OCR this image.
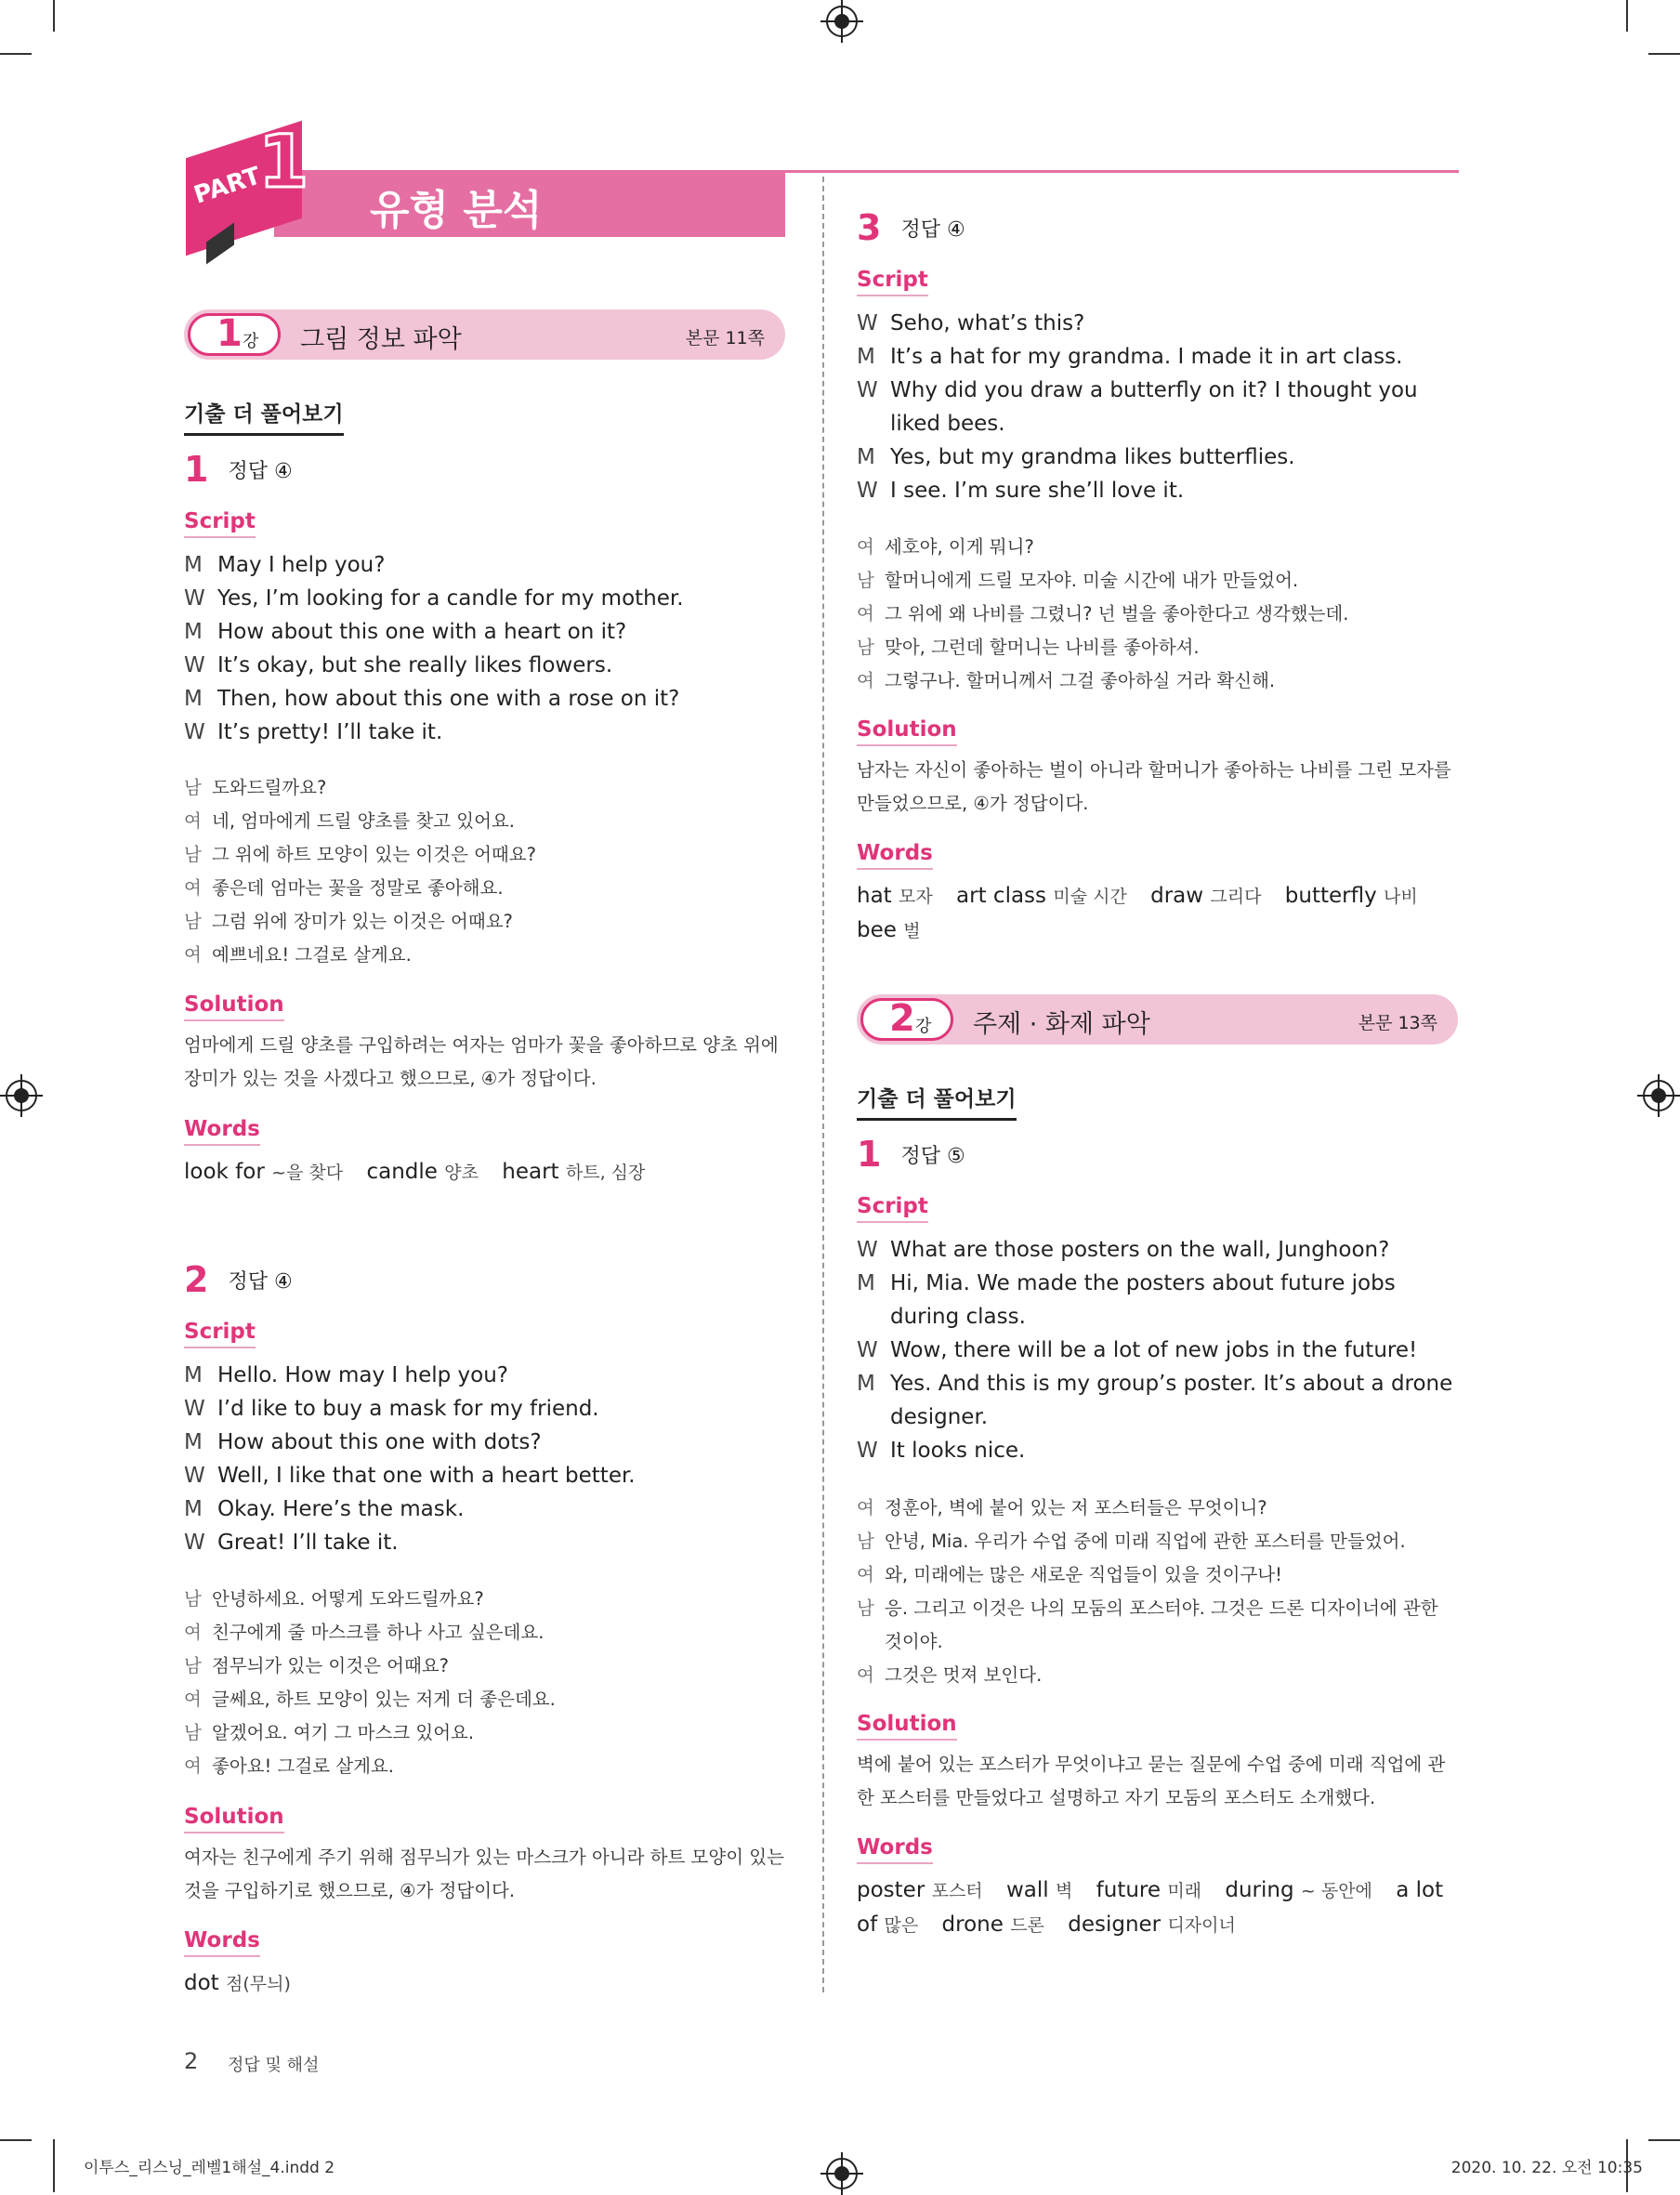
유형 분석
PART
1
1 강 그림 정보 파악	본문 11쪽
기출 더 풀어보기
1 정답 ④
Script
M May I help you?
W Yes, I’m looking for a candle for my mother.
M How about this one with a heart on it?
W It’s okay, but she really likes flowers.
M Then, how about this one with a rose on it?
W It’s pretty! I’ll take it.
남 도와드릴까요?
여 네, 엄마에게 드릴 양초를 찾고 있어요.
남 그 위에 하트 모양이 있는 이것은 어때요?
여 좋은데 엄마는 꽃을 정말로 좋아해요.
남 그럼 위에 장미가 있는 이것은 어때요?
여 예쁘네요! 그걸로 살게요.
Solution
엄마에게 드릴 양초를 구입하려는 여자는 엄마가 꽃을 좋아하므로 양초 위에 장미가 있는 것을 사겠다고 했으므로, ④가 정답이다.
Words
look for ~을 찾다 candle 양초 heart 하트, 심장
2 정답 ④
Script
M Hello. How may I help you?
W I’d like to buy a mask for my friend.
M How about this one with dots?
W Well, I like that one with a heart better.
M Okay. Here’s the mask.
W Great! I’ll take it.
남 안녕하세요. 어떻게 도와드릴까요?
여 친구에게 줄 마스크를 하나 사고 싶은데요.
남 점무늬가 있는 이것은 어때요?
여 글쎄요, 하트 모양이 있는 저게 더 좋은데요.
남 알겠어요. 여기 그 마스크 있어요.
여 좋아요! 그걸로 살게요.
Solution
여자는 친구에게 주기 위해 점무늬가 있는 마스크가 아니라 하트 모양이 있는 것을 구입하기로 했으므로, ④가 정답이다.
Words
dot 점(무늬)
3 정답 ④
Script
W Seho, what’s this?
M It’s a hat for my grandma. I made it in art class.
W Why did you draw a butterfly on it? I thought you liked bees.
M Yes, but my grandma likes butterflies.
W I see. I’m sure she’ll love it.
여 세호야, 이게 뭐니?
남 할머니에게 드릴 모자야. 미술 시간에 내가 만들었어.
여 그 위에 왜 나비를 그렸니? 넌 벌을 좋아한다고 생각했는데.
남 맞아, 그런데 할머니는 나비를 좋아하셔.
여 그렇구나. 할머니께서 그걸 좋아하실 거라 확신해.
Solution
남자는 자신이 좋아하는 벌이 아니라 할머니가 좋아하는 나비를 그린 모자를 만들었으므로, ④가 정답이다.
Words
hat 모자 art class 미술 시간 draw 그리다 butterfly 나비 bee 벌
2 강 주제 · 화제 파악	본문 13쪽
기출 더 풀어보기
1 정답 ⑤
Script
W What are those posters on the wall, Junghoon?
M Hi, Mia. We made the posters about future jobs during class.
W Wow, there will be a lot of new jobs in the future!
M Yes. And this is my group’s poster. It’s about a drone designer.
W It looks nice.
여 정훈아, 벽에 붙어 있는 저 포스터들은 무엇이니?
남 안녕, Mia. 우리가 수업 중에 미래 직업에 관한 포스터를 만들었어.
여 와, 미래에는 많은 새로운 직업들이 있을 것이구나!
남 응. 그리고 이것은 나의 모둠의 포스터야. 그것은 드론 디자이너에 관한 것이야.
여 그것은 멋져 보인다.
Solution
벽에 붙어 있는 포스터가 무엇이냐고 묻는 질문에 수업 중에 미래 직업에 관한 포스터를 만들었다고 설명하고 자기 모둠의 포스터도 소개했다.
Words
poster 포스터 wall 벽 future 미래 during ~ 동안에 a lot of 많은 drone 드론 designer 디자이너
2 정답 및 해설
이투스_리스닝_레벨1해설_4.indd 2	2020. 10. 22. 오전 10:35
